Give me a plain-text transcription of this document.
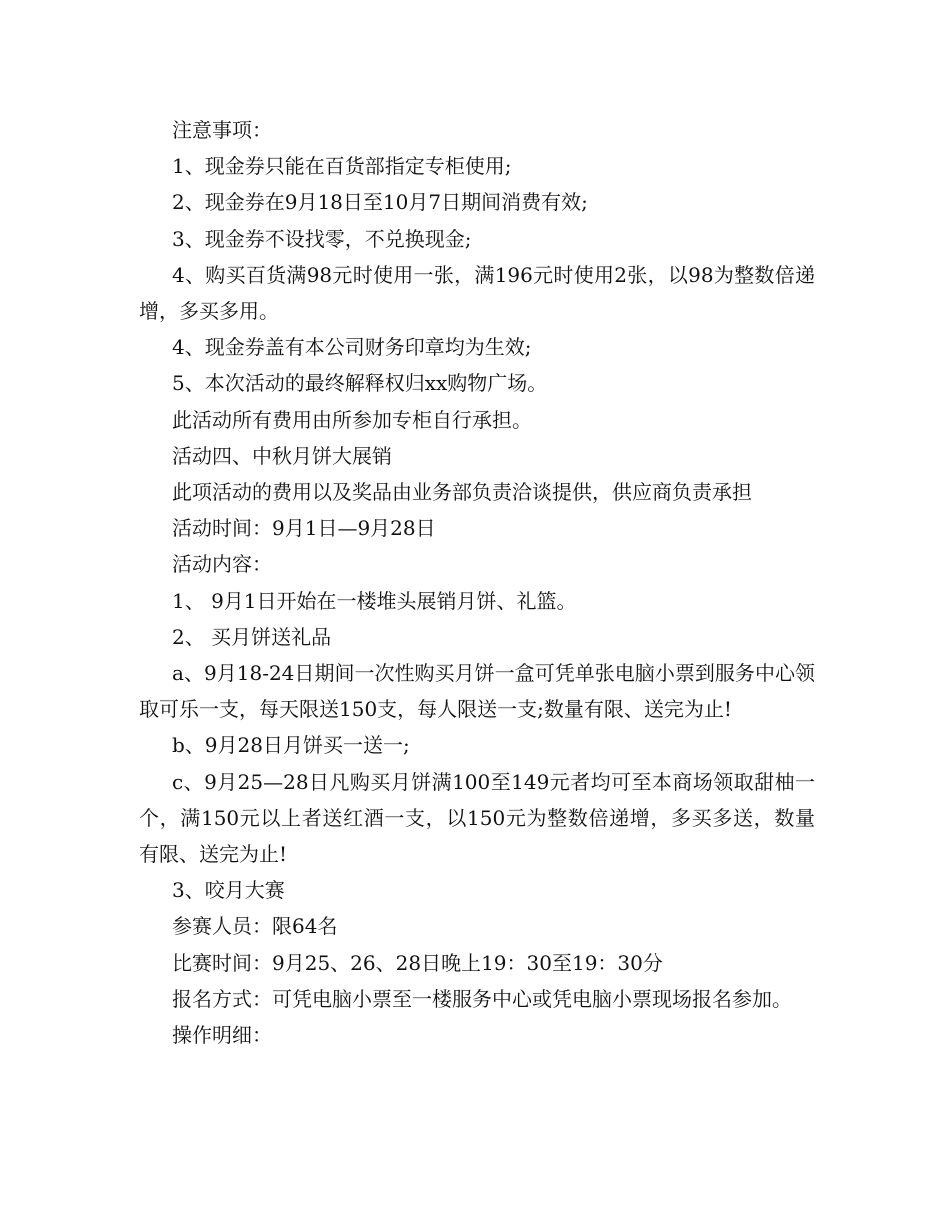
注意事项：

1、现金券只能在百货部指定专柜使用;

2、现金券在9月18日至10月7日期间消费有效;

3、现金券不设找零，不兑换现金;

4、购买百货满98元时使用一张，满196元时使用2张，以98为整数倍递增，多买多用。

4、现金券盖有本公司财务印章均为生效;

5、本次活动的最终解释权归xx购物广场。

此活动所有费用由所参加专柜自行承担。

活动四、中秋月饼大展销

此项活动的费用以及奖品由业务部负责洽谈提供，供应商负责承担

活动时间：9月1日—9月28日

活动内容：

1、 9月1日开始在一楼堆头展销月饼、礼篮。

2、 买月饼送礼品

a、9月18-24日期间一次性购买月饼一盒可凭单张电脑小票到服务中心领取可乐一支，每天限送150支，每人限送一支;数量有限、送完为止!

b、9月28日月饼买一送一;

c、9月25—28日凡购买月饼满100至149元者均可至本商场领取甜柚一个，满150元以上者送红酒一支，以150元为整数倍递增，多买多送，数量有限、送完为止!

3、咬月大赛

参赛人员：限64名

比赛时间：9月25、26、28日晚上19：30至19：30分

报名方式：可凭电脑小票至一楼服务中心或凭电脑小票现场报名参加。

操作明细：
